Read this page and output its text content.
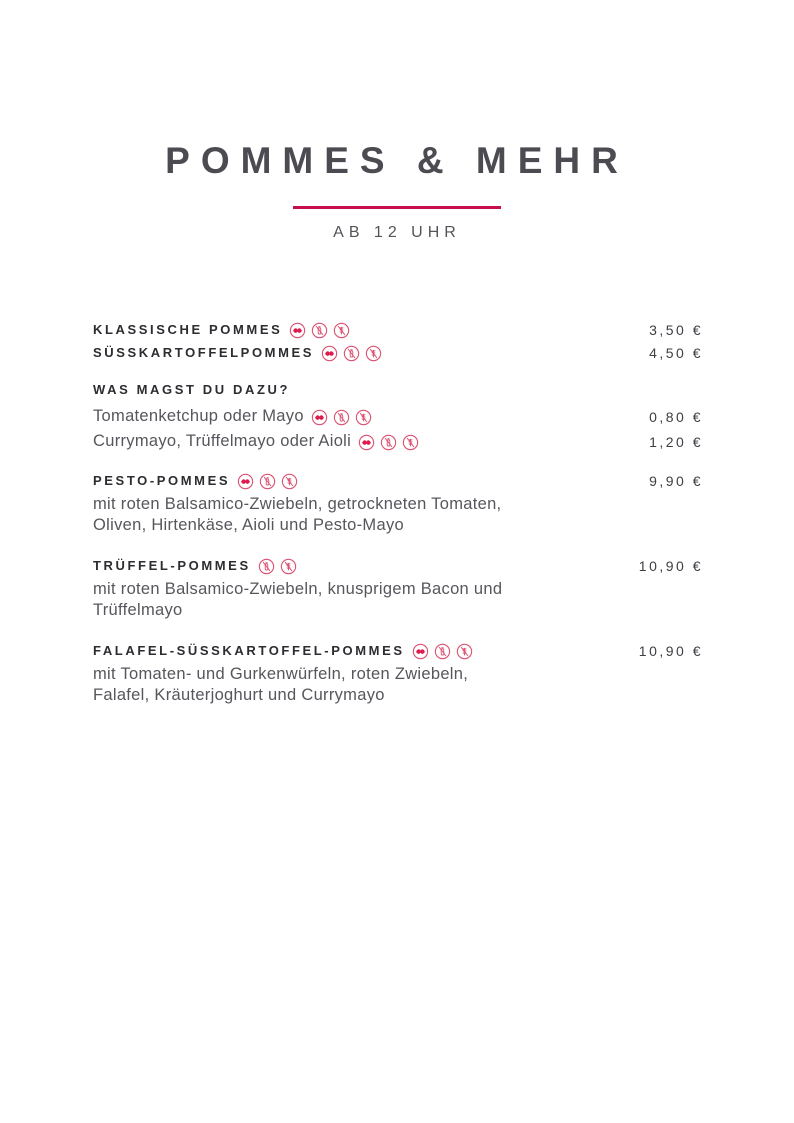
POMMES & MEHR
AB 12 UHR
KLASSISCHE POMMES	3,50 €
SÜSSKARTOFFELPOMMES	4,50 €
WAS MAGST DU DAZU?
Tomatenketchup oder Mayo	0,80 €
Currymayo, Trüffelmayo oder Aioli	1,20 €
PESTO-POMMES	9,90 €
mit roten Balsamico-Zwiebeln, getrockneten Tomaten,
Oliven, Hirtenkäse, Aioli und Pesto-Mayo
TRÜFFEL-POMMES	10,90 €
mit roten Balsamico-Zwiebeln, knusprigem Bacon und
Trüffelmayo
FALAFEL-SÜSSKARTOFFEL-POMMES	10,90 €
mit Tomaten- und Gurkenwürfeln, roten Zwiebeln,
Falafel, Kräuterjoghurt und Currymayo
